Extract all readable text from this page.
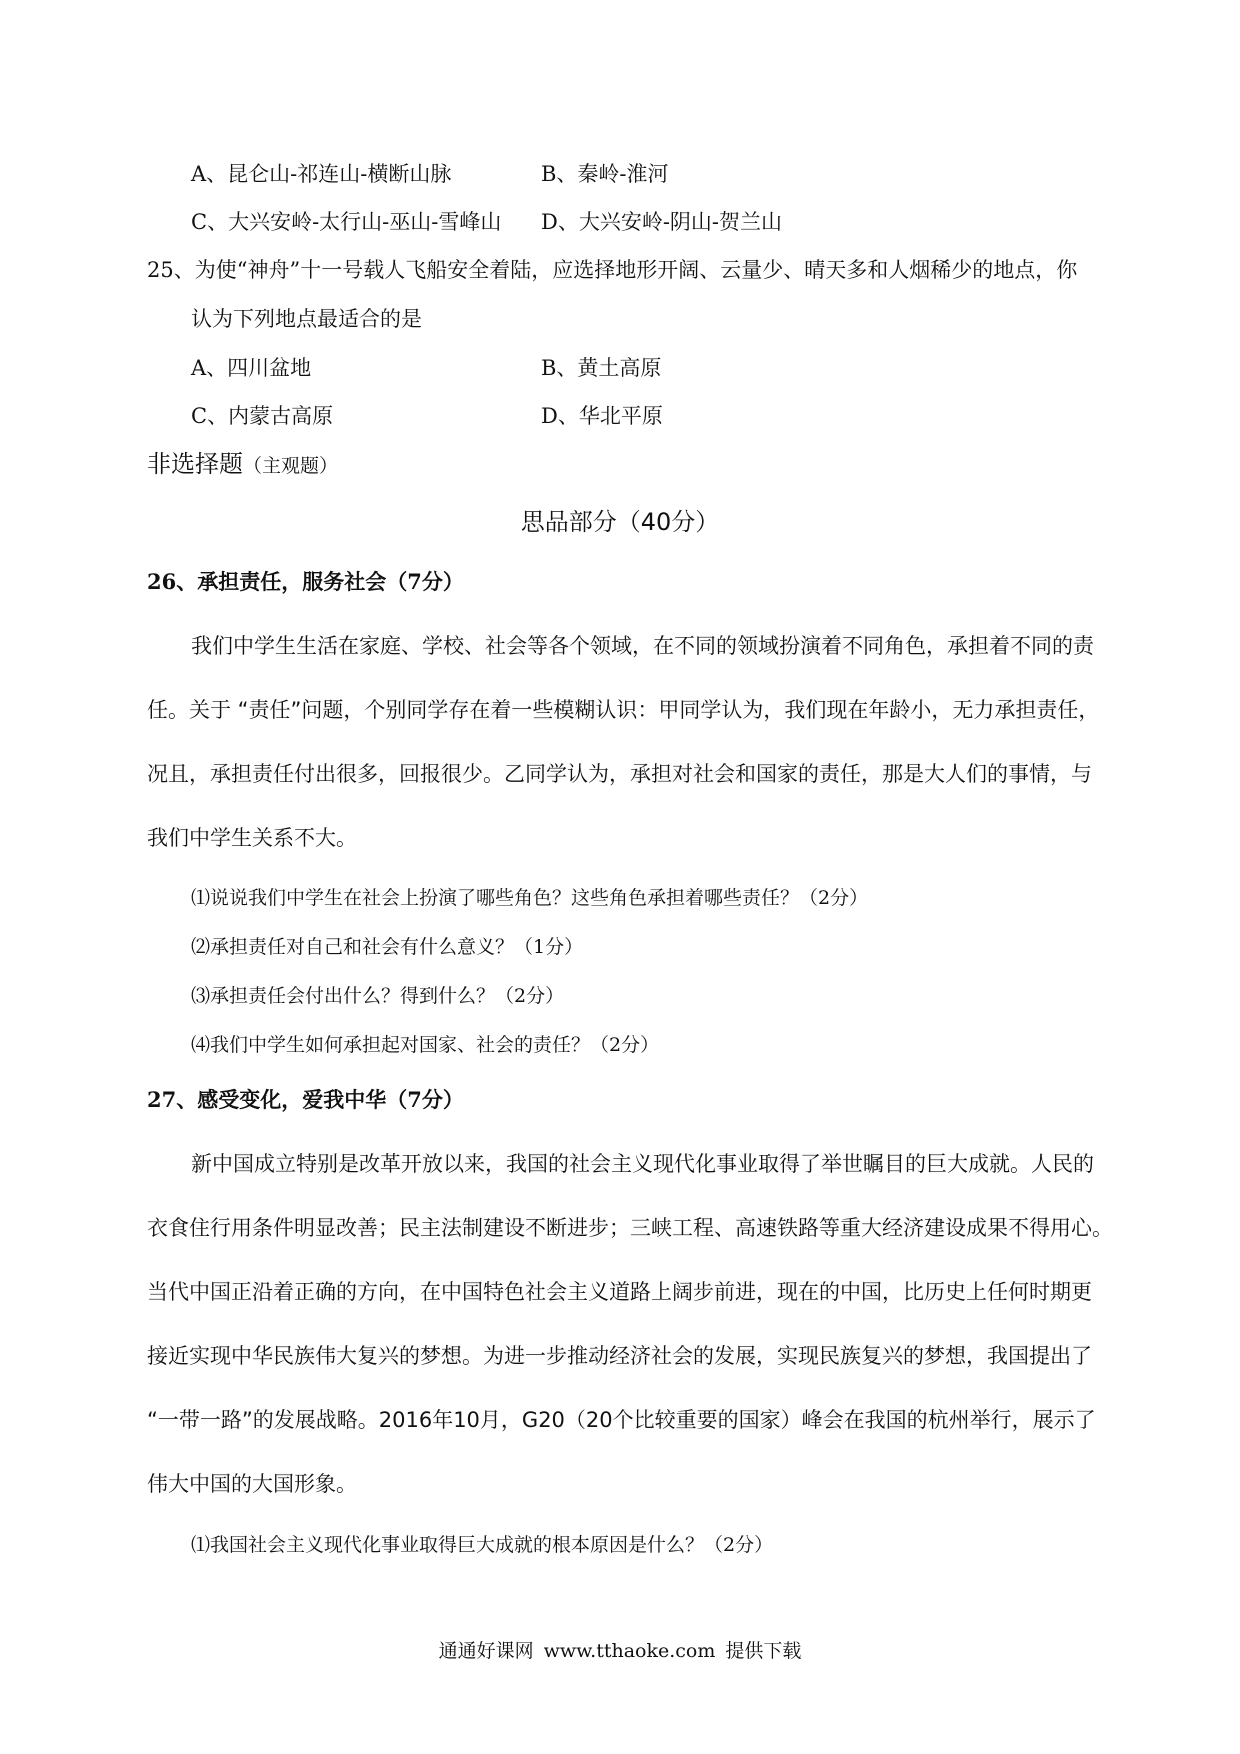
A、昆仑山-祁连山-横断山脉	B、秦岭-淮河
C、大兴安岭-太行山-巫山-雪峰山 D、大兴安岭-阴山-贺兰山
25、为使“神舟”十一号载人飞船安全着陆，应选择地形开阔、云量少、晴天多和人烟稀少的地点，你
认为下列地点最适合的是
A、四川盆地	B、黄土高原
C、内蒙古高原	D、华北平原
非选择题（主观题）
思品部分（40分）
26、承担责任，服务社会（7分）
我们中学生生活在家庭、学校、社会等各个领域，在不同的领域扮演着不同角色，承担着不同的责
任。关于 “责任”问题，个别同学存在着一些模糊认识：甲同学认为，我们现在年龄小，无力承担责任，
况且，承担责任付出很多，回报很少。乙同学认为，承担对社会和国家的责任，那是大人们的事情，与
我们中学生关系不大。
⑴说说我们中学生在社会上扮演了哪些角色？这些角色承担着哪些责任？（2分）
⑵承担责任对自己和社会有什么意义？（1分）
⑶承担责任会付出什么？得到什么？（2分）
⑷我们中学生如何承担起对国家、社会的责任？（2分）
27、感受变化，爱我中华（7分）
新中国成立特别是改革开放以来，我国的社会主义现代化事业取得了举世瞩目的巨大成就。人民的
衣食住行用条件明显改善；民主法制建设不断进步；三峡工程、高速铁路等重大经济建设成果不得用心。
当代中国正沿着正确的方向，在中国特色社会主义道路上阔步前进，现在的中国，比历史上任何时期更
接近实现中华民族伟大复兴的梦想。为进一步推动经济社会的发展，实现民族复兴的梦想，我国提出了
“一带一路”的发展战略。2016年10月，G20（20个比较重要的国家）峰会在我国的杭州举行，展示了
伟大中国的大国形象。
⑴我国社会主义现代化事业取得巨大成就的根本原因是什么？（2分）
通通好课网 www.tthaoke.com 提供下载
